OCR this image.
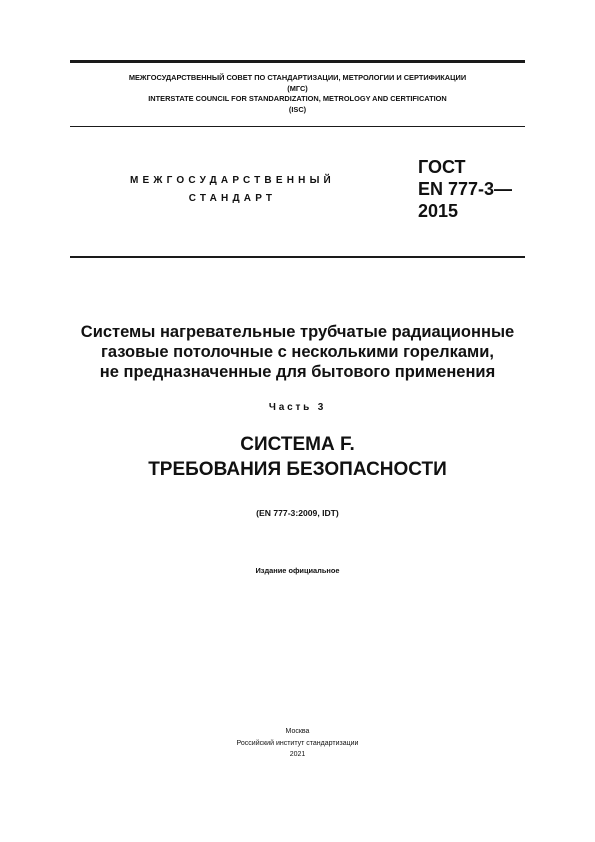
МЕЖГОСУДАРСТВЕННЫЙ СОВЕТ ПО СТАНДАРТИЗАЦИИ, МЕТРОЛОГИИ И СЕРТИФИКАЦИИ
(МГС)
INTERSTATE COUNCIL FOR STANDARDIZATION, METROLOGY AND CERTIFICATION
(ISC)
МЕЖГОСУДАРСТВЕННЫЙ
СТАНДАРТ
ГОСТ
EN 777-3—
2015
Системы нагревательные трубчатые радиационные
газовые потолочные с несколькими горелками,
не предназначенные для бытового применения
Часть 3
СИСТЕМА F.
ТРЕБОВАНИЯ БЕЗОПАСНОСТИ
(EN 777-3:2009, IDT)
Издание официальное
Москва
Российский институт стандартизации
2021
